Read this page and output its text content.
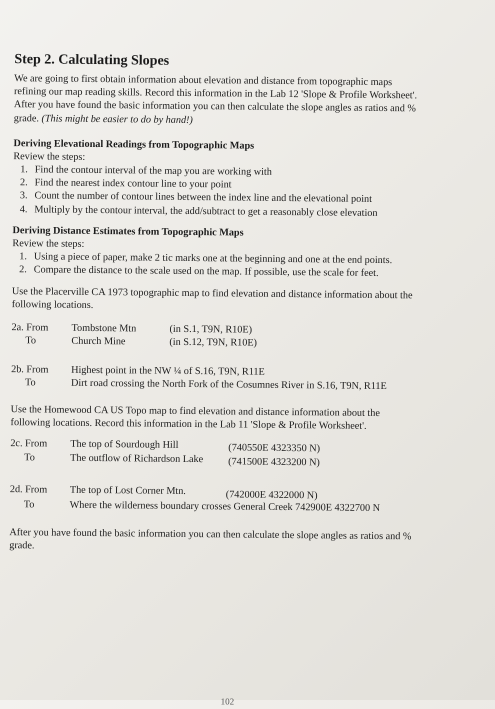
Step 2. Calculating Slopes
We are going to first obtain information about elevation and distance from topographic maps
refining our map reading skills. Record this information in the Lab 12 'Slope & Profile Worksheet'.
After you have found the basic information you can then calculate the slope angles as ratios and %
grade. (This might be easier to do by hand!)
Deriving Elevational Readings from Topographic Maps
Review the steps:
1. Find the contour interval of the map you are working with
2. Find the nearest index contour line to your point
3. Count the number of contour lines between the index line and the elevational point
4. Multiply by the contour interval, the add/subtract to get a reasonably close elevation
Deriving Distance Estimates from Topographic Maps
Review the steps:
1. Using a piece of paper, make 2 tic marks one at the beginning and one at the end points.
2. Compare the distance to the scale used on the map. If possible, use the scale for feet.
Use the Placerville CA 1973 topographic map to find elevation and distance information about the
following locations.
2a. From	Tombstone Mtn	(in S.1, T9N, R10E)
To	Church Mine	(in S.12, T9N, R10E)
2b. From	Highest point in the NW ¼ of S.16, T9N, R11E
To	Dirt road crossing the North Fork of the Cosumnes River in S.16, T9N, R11E
Use the Homewood CA US Topo map to find elevation and distance information about the
following locations. Record this information in the Lab 11 'Slope & Profile Worksheet'.
2c. From	The top of Sourdough Hill	(740550E 4323350 N)
To	The outflow of Richardson Lake (741500E 4323200 N)
2d. From	The top of Lost Corner Mtn.	(742000E 4322000 N)
To	Where the wilderness boundary crosses General Creek 742900E 4322700 N
After you have found the basic information you can then calculate the slope angles as ratios and %
grade.
102
